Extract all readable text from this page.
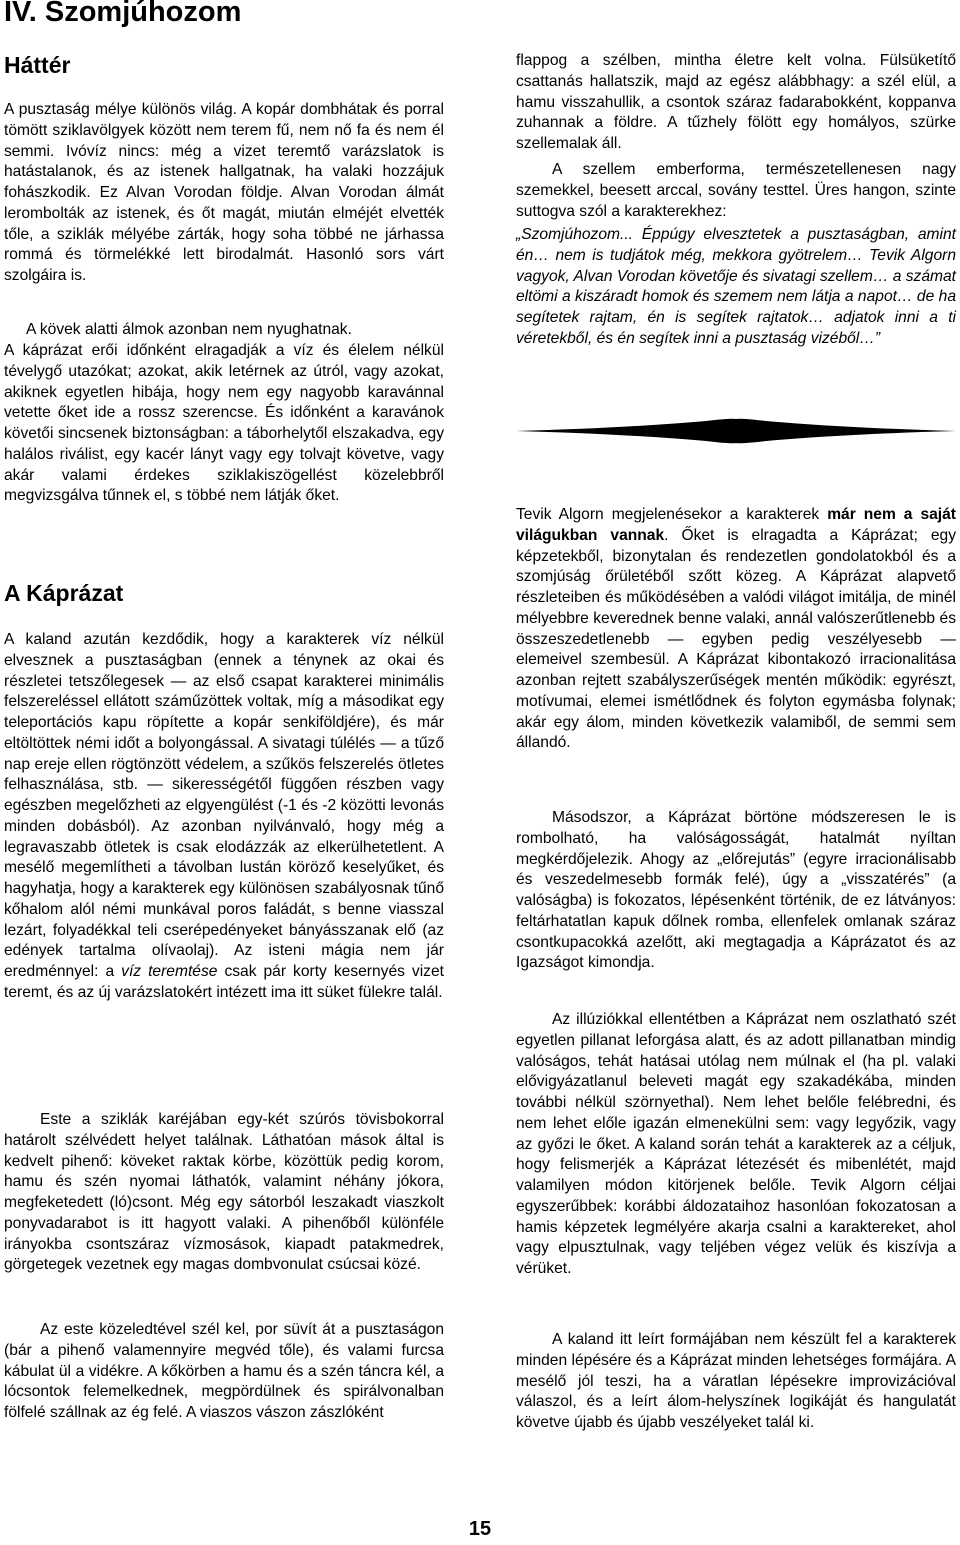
IV. Szomjúhozom
Háttér

A pusztaság mélye különös világ. A kopár dombhátak és porral tömött sziklavölgyek között nem terem fű, nem nő fa és nem él semmi. Ivóvíz nincs: még a vizet teremtő varázslatok is hatástalanok, és az istenek hallgatnak, ha valaki hozzájuk fohászkodik. Ez Alvan Vorodan földje. Alvan Vorodan álmát lerombolták az istenek, és őt magát, miután elméjét elvették tőle, a sziklák mélyébe zárták, hogy soha többé ne járhassa rommá és törmelékké lett birodalmát. Hasonló sors várt szolgáira is.

A kövek alatti álmok azonban nem nyughatnak.

A káprázat erői időnként elragadják a víz és élelem nélkül tévelygő utazókat; azokat, akik letérnek az útról, vagy azokat, akiknek egyetlen hibája, hogy nem egy nagyobb karavánnal vetette őket ide a rossz szerencse. És időnként a karavánok követői sincsenek biztonságban: a táborhelytől elszakadva, egy halálos riválist, egy kacér lányt vagy egy tolvajt követve, vagy akár valami érdekes sziklakiszögellést közelebbről megvizsgálva tűnnek el, s többé nem látják őket.

A Káprázat

A kaland azután kezdődik, hogy a karakterek víz nélkül elvesznek a pusztaságban (ennek a ténynek az okai és részletei tetszőlegesek — az első csapat karakterei minimális felszereléssel ellátott száműzöttek voltak, míg a másodikat egy teleportációs kapu röpítette a kopár senkiföldjére), és már eltöltöttek némi időt a bolyongással. A sivatagi túlélés — a tűző nap ereje ellen rögtönzött védelem, a szűkös felszerelés ötletes felhasználása, stb. — sikerességétől függően részben vagy egészben megelőzheti az elgyengülést (-1 és -2 közötti levonás minden dobásból). Az azonban nyilvánvaló, hogy még a legravaszabb ötletek is csak elodázzák az elkerülhetetlent. A mesélő megemlítheti a távolban lustán köröző keselyűket, és hagyhatja, hogy a karakterek egy különösen szabályosnak tűnő kőhalom alól némi munkával poros faládát, s benne viasszal lezárt, folyadékkal teli cserépedényeket bányásszanak elő (az edények tartalma olívaolaj). Az isteni mágia nem jár eredménnyel: a víz teremtése csak pár korty kesernyés vizet teremt, és az új varázslatokért intézett ima itt süket fülekre talál.

Este a sziklák karéjában egy-két szúrós tövisbokorral határolt szélvédett helyet találnak. Láthatóan mások által is kedvelt pihenő: köveket raktak körbe, közöttük pedig korom, hamu és szén nyomai láthatók, valamint néhány jókora, megfeketedett (ló)csont. Még egy sátorból leszakadt viaszkolt ponyvadarabot is itt hagyott valaki. A pihenőből különféle irányokba csontszáraz vízmosások, kiapadt patakmedrek, görgetegek vezetnek egy magas dombvonulat csúcsai közé.

Az este közeledtével szél kel, por süvít át a pusztaságon (bár a pihenő valamennyire megvéd tőle), és valami furcsa kábulat ül a vidékre. A kőkörben a hamu és a szén táncra kél, a lócsontok felemelkednek, megpördülnek és spirálvonalban fölfelé szállnak az ég felé. A viaszos vászon zászlóként

flappog a szélben, mintha életre kelt volna. Fülsüketítő csattanás hallatszik, majd az egész alábbhagy: a szél elül, a hamu visszahullik, a csontok száraz fadarabokként, koppanva zuhannak a földre. A tűzhely fölött egy homályos, szürke szellemalak áll.

A szellem emberforma, természetellenesen nagy szemekkel, beesett arccal, sovány testtel. Üres hangon, szinte suttogva szól a karakterekhez:

„Szomjúhozom... Éppúgy elvesztetek a pusztaságban, amint én… nem is tudjátok még, mekkora gyötrelem… Tevik Algorn vagyok, Alvan Vorodan követője és sivatagi szellem… a számat eltömi a kiszáradt homok és szemem nem látja a napot… de ha segítetek rajtam, én is segítek rajtatok… adjatok inni a ti véretekből, és én segítek inni a pusztaság vizéből…”

Tevik Algorn megjelenésekor a karakterek már nem a saját világukban vannak. Őket is elragadta a Káprázat; egy képzetekből, bizonytalan és rendezetlen gondolatokból és a szomjúság őrületéből szőtt közeg. A Káprázat alapvető részleteiben és működésében a valódi világot imitálja, de minél mélyebbre keverednek benne valaki, annál valószerűtlenebb és összeszedetlenebb — egyben pedig veszélyesebb — elemeivel szembesül. A Káprázat kibontakozó irracionalitása azonban rejtett szabályszerűségek mentén működik: egyrészt, motívumai, elemei ismétlődnek és folyton egymásba folynak; akár egy álom, minden következik valamiből, de semmi sem állandó.

Másodszor, a Káprázat börtöne módszeresen le is rombolható, ha valóságosságát, hatalmát nyíltan megkérdőjelezik. Ahogy az „előrejutás” (egyre irracionálisabb és veszedelmesebb formák felé), úgy a „visszatérés” (a valóságba) is fokozatos, lépésenként történik, de ez látványos: feltárhatatlan kapuk dőlnek romba, ellenfelek omlanak száraz csontkupacokká azelőtt, aki megtagadja a Káprázatot és az Igazságot kimondja.

Az illúziókkal ellentétben a Káprázat nem oszlatható szét egyetlen pillanat leforgása alatt, és az adott pillanatban mindig valóságos, tehát hatásai utólag nem múlnak el (ha pl. valaki elővigyázatlanul beleveti magát egy szakadékába, minden további nélkül szörnyethal). Nem lehet belőle felébredni, és nem lehet előle igazán elmenekülni sem: vagy legyőzik, vagy az győzi le őket. A kaland során tehát a karakterek az a céljuk, hogy felismerjék a Káprázat létezését és mibenlétét, majd valamilyen módon kitörjenek belőle. Tevik Algorn céljai egyszerűbbek: korábbi áldozataihoz hasonlóan fokozatosan a hamis képzetek legmélyére akarja csalni a karaktereket, ahol vagy elpusztulnak, vagy teljében végez velük és kiszívja a vérüket.

A kaland itt leírt formájában nem készült fel a karakterek minden lépésére és a Káprázat minden lehetséges formájára. A mesélő jól teszi, ha a váratlan lépésekre improvizációval válaszol, és a leírt álom-helyszínek logikáját és hangulatát követve újabb és újabb veszélyeket talál ki.

15
